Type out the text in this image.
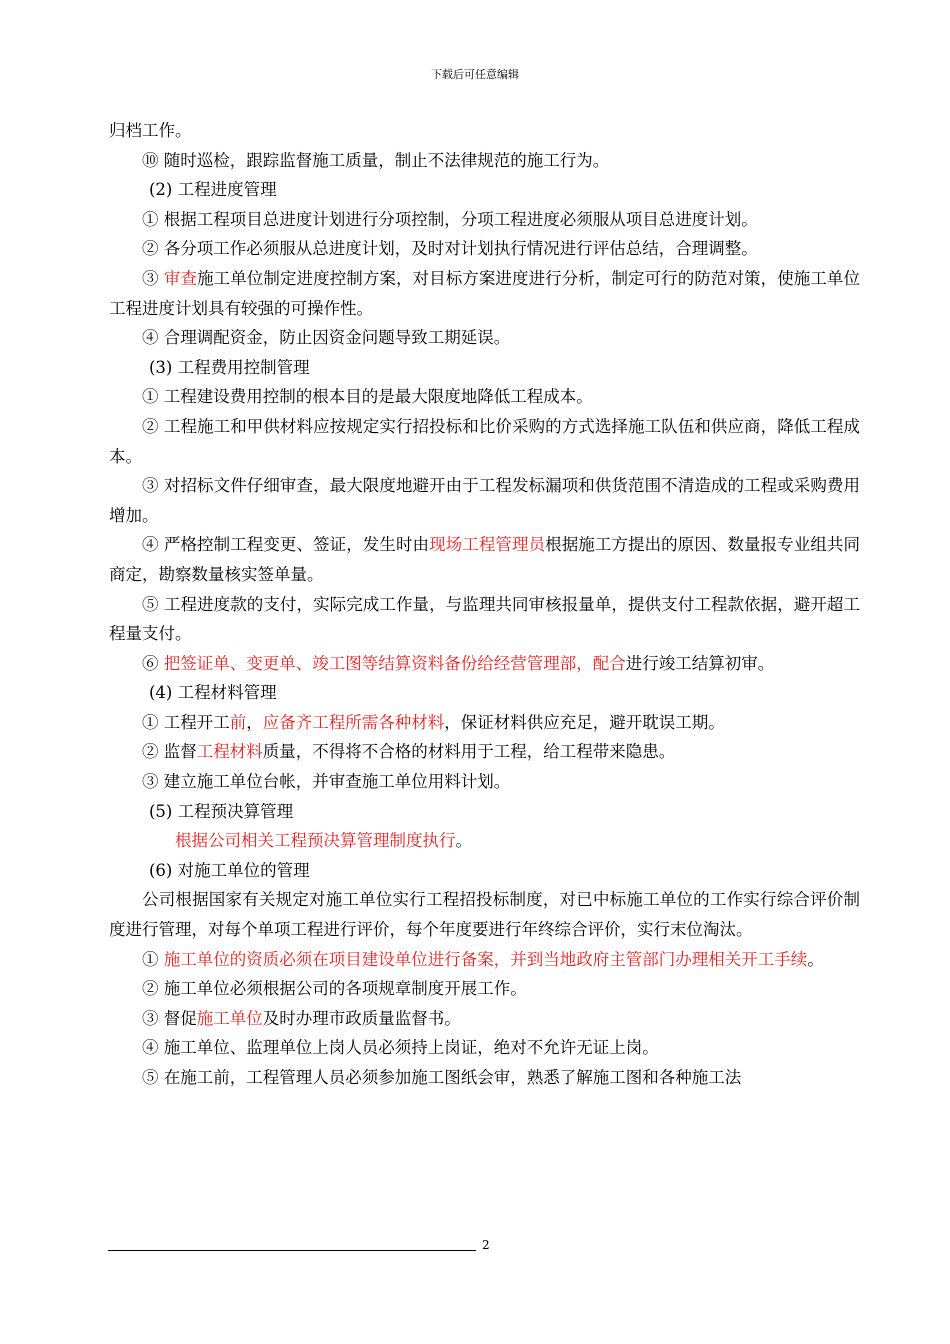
下载后可任意编辑

归档工作。

⑩ 随时巡检，跟踪监督施工质量，制止不法律规范的施工行为。

(2) 工程进度管理

① 根据工程项目总进度计划进行分项控制，分项工程进度必须服从项目总进度计划。

② 各分项工作必须服从总进度计划，及时对计划执行情况进行评估总结，合理调整。

③ 审查施工单位制定进度控制方案，对目标方案进度进行分析，制定可行的防范对策，使施工单位工程进度计划具有较强的可操作性。

④ 合理调配资金，防止因资金问题导致工期延误。

(3) 工程费用控制管理

① 工程建设费用控制的根本目的是最大限度地降低工程成本。

② 工程施工和甲供材料应按规定实行招投标和比价采购的方式选择施工队伍和供应商，降低工程成本。

③ 对招标文件仔细审查，最大限度地避开由于工程发标漏项和供货范围不清造成的工程或采购费用增加。

④ 严格控制工程变更、签证，发生时由现场工程管理员根据施工方提出的原因、数量报专业组共同商定，勘察数量核实签单量。

⑤ 工程进度款的支付，实际完成工作量，与监理共同审核报量单，提供支付工程款依据，避开超工程量支付。

⑥ 把签证单、变更单、竣工图等结算资料备份给经营管理部，配合进行竣工结算初审。

(4) 工程材料管理

① 工程开工前，应备齐工程所需各种材料，保证材料供应充足，避开耽误工期。

② 监督工程材料质量，不得将不合格的材料用于工程，给工程带来隐患。

③ 建立施工单位台帐，并审查施工单位用料计划。

(5) 工程预决算管理

根据公司相关工程预决算管理制度执行。

(6) 对施工单位的管理

公司根据国家有关规定对施工单位实行工程招投标制度，对已中标施工单位的工作实行综合评价制度进行管理，对每个单项工程进行评价，每个年度要进行年终综合评价，实行末位淘汰。

① 施工单位的资质必须在项目建设单位进行备案，并到当地政府主管部门办理相关开工手续。

② 施工单位必须根据公司的各项规章制度开展工作。

③ 督促施工单位及时办理市政质量监督书。

④ 施工单位、监理单位上岗人员必须持上岗证，绝对不允许无证上岗。

⑤ 在施工前，工程管理人员必须参加施工图纸会审，熟悉了解施工图和各种施工法

2
